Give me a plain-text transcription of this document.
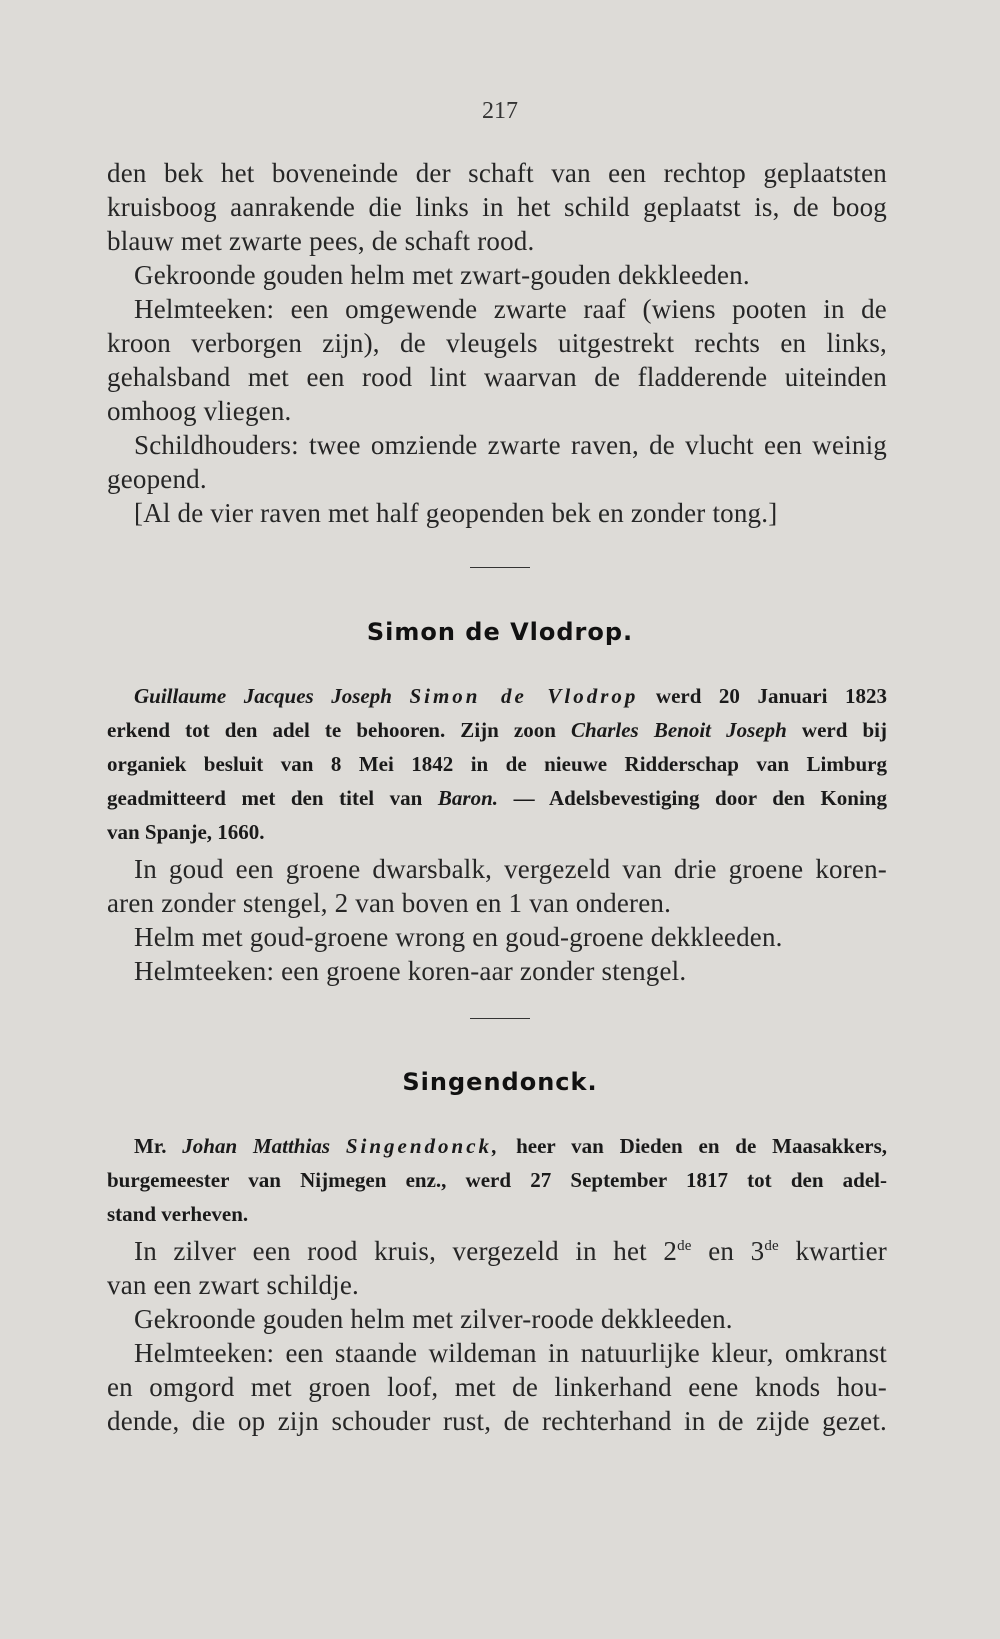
217
den bek het boveneinde der schaft van een rechtop geplaatsten
kruisboog aanrakende die links in het schild geplaatst is, de boog
blauw met zwarte pees, de schaft rood.
Gekroonde gouden helm met zwart-gouden dekkleeden.
Helmteeken: een omgewende zwarte raaf (wiens pooten in de
kroon verborgen zijn), de vleugels uitgestrekt rechts en links,
gehalsband met een rood lint waarvan de fladderende uiteinden
omhoog vliegen.
Schildhouders: twee omziende zwarte raven, de vlucht een weinig
geopend.
[Al de vier raven met half geopenden bek en zonder tong.]
Simon de Vlodrop.
Guillaume Jacques Joseph Simon de Vlodrop werd 20 Januari 1823
erkend tot den adel te behooren. Zijn zoon Charles Benoit Joseph werd bij
organiek besluit van 8 Mei 1842 in de nieuwe Ridderschap van Limburg
geadmitteerd met den titel van Baron. — Adelsbevestiging door den Koning
van Spanje, 1660.
In goud een groene dwarsbalk, vergezeld van drie groene koren-
aren zonder stengel, 2 van boven en 1 van onderen.
Helm met goud-groene wrong en goud-groene dekkleeden.
Helmteeken: een groene koren-aar zonder stengel.
Singendonck.
Mr. Johan Matthias Singendonck, heer van Dieden en de Maasakkers,
burgemeester van Nijmegen enz., werd 27 September 1817 tot den adel-
stand verheven.
In zilver een rood kruis, vergezeld in het 2de en 3de kwartier
van een zwart schildje.
Gekroonde gouden helm met zilver-roode dekkleeden.
Helmteeken: een staande wildeman in natuurlijke kleur, omkranst
en omgord met groen loof, met de linkerhand eene knods hou-
dende, die op zijn schouder rust, de rechterhand in de zijde gezet.
